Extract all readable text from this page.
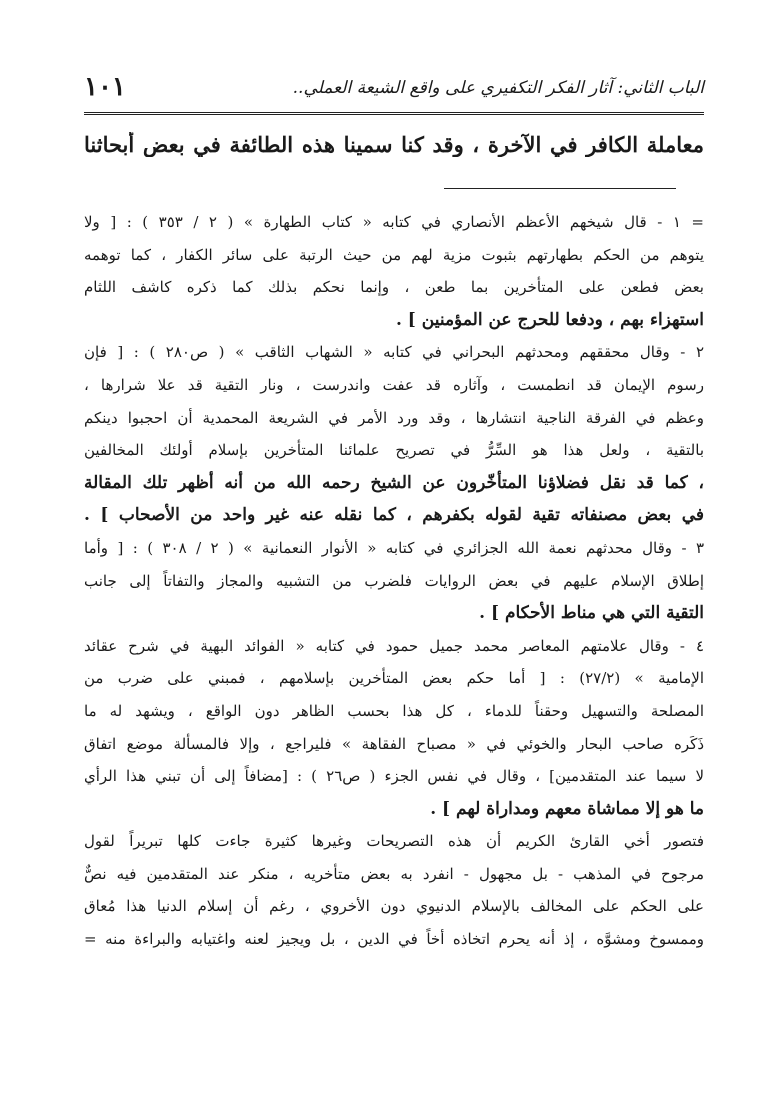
١٠١	الباب الثاني: آثار الفكر التكفيري على واقع الشيعة العملي..
معاملة الكافر في الآخرة ، وقد كنا سمينا هذه الطائفة في بعض أبحاثنا
= ١ - قال شيخهم الأعظم الأنصاري في كتابه « كتاب الطهارة » ( ٢ / ٣٥٣ ) : [ ولا
يتوهم من الحكم بطهارتهم بثبوت مزية لهم من حيث الرتبة على سائر الكفار ، كما توهمه
بعض فطعن على المتأخرين بما طعن ، وإنما نحكم بذلك كما ذكره كاشف اللثام
استهزاء بهم ، ودفعا للحرج عن المؤمنين ] .
٢ - وقال محققهم ومحدثهم البحراني في كتابه « الشهاب الثاقب » ( ص٢٨٠ ) : [ فإن
رسوم الإيمان قد انطمست ، وآثاره قد عفت واندرست ، ونار التقية قد علا شرارها ،
وعظم في الفرقة الناجية انتشارها ، وقد ورد الأمر في الشريعة المحمدية أن احجبوا دينكم
بالتقية ، ولعل هذا هو السِّرُّ في تصريح علمائنا المتأخرين بإسلام أولئك المخالفين
، كما قد نقل فضلاؤنا المتأخّرون عن الشيخ رحمه الله من أنه أظهر تلك المقالة
في بعض مصنفاته تقية لقوله بكفرهم ، كما نقله عنه غير واحد من الأصحاب ] .
٣ - وقال محدثهم نعمة الله الجزائري في كتابه « الأنوار النعمانية » ( ٢ / ٣٠٨ ) : [ وأما
إطلاق الإسلام عليهم في بعض الروايات فلضرب من التشبيه والمجاز والتفاتاً إلى جانب
التقية التي هي مناط الأحكام ] .
٤ - وقال علامتهم المعاصر محمد جميل حمود في كتابه « الفوائد البهية في شرح عقائد
الإمامية » (٢٧/٢) : [ أما حكم بعض المتأخرين بإسلامهم ، فمبني على ضرب من
المصلحة والتسهيل وحقناً للدماء ، كل هذا بحسب الظاهر دون الواقع ، ويشهد له ما
ذَكَره صاحب البحار والخوئي في « مصباح الفقاهة » فليراجع ، وإلا فالمسألة موضع اتفاق
لا سيما عند المتقدمين] ، وقال في نفس الجزء ( ص٢٦ ) : [مضافاً إلى أن تبني هذا الرأي
ما هو إلا مماشاة معهم ومداراة لهم ] .
فتصور أخي القارئ الكريم أن هذه التصريحات وغيرها كثيرة جاءت كلها تبريراً لقول
مرجوح في المذهب - بل مجهول - انفرد به بعض متأخريه ، منكر عند المتقدمين فيه نصٌّ
على الحكم على المخالف بالإسلام الدنيوي دون الأخروي ، رغم أن إسلام الدنيا هذا مُعاق
وممسوخ ومشوَّه ، إذ أنه يحرم اتخاذه أخاً في الدين ، بل ويجيز لعنه واغتيابه والبراءة منه =
